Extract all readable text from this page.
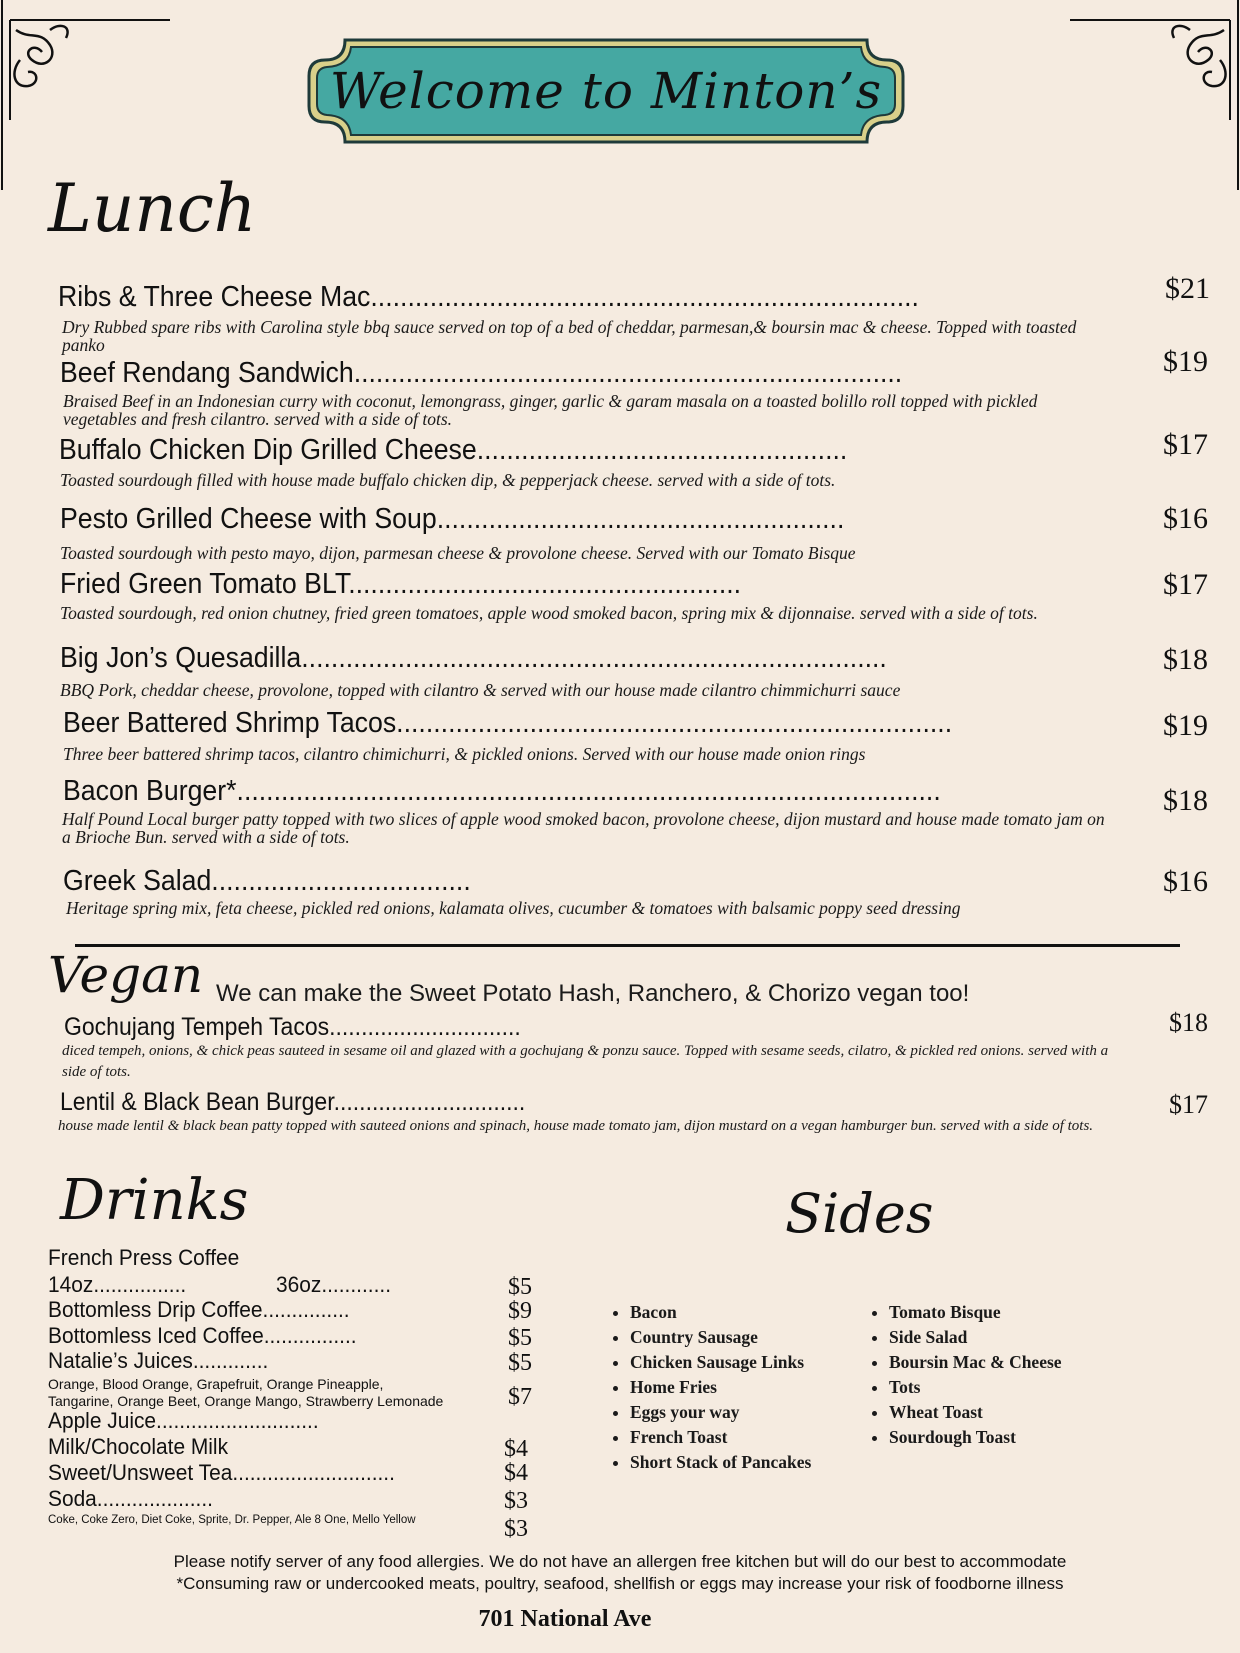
Welcome to Minton’s
Lunch
Ribs & Three Cheese Mac..........................................................................	$21
Dry Rubbed spare ribs with Carolina style bbq sauce served on top of a bed of cheddar, parmesan,& boursin mac & cheese. Topped with toasted panko
Beef Rendang Sandwich..........................................................................	$19
Braised Beef in an Indonesian curry with coconut, lemongrass, ginger, garlic & garam masala on a toasted bolillo roll topped with pickled vegetables and fresh cilantro. served with a side of tots.
Buffalo Chicken Dip Grilled Cheese..................................................	$17
Toasted sourdough filled with house made buffalo chicken dip, & pepperjack cheese. served with a side of tots.
Pesto Grilled Cheese with Soup.......................................................	$16
Toasted sourdough with pesto mayo, dijon, parmesan cheese & provolone cheese. Served with our Tomato Bisque
Fried Green Tomato BLT.....................................................	$17
Toasted sourdough, red onion chutney, fried green tomatoes, apple wood smoked bacon, spring mix & dijonnaise. served with a side of tots.
Big Jon’s Quesadilla...............................................................................	$18
BBQ Pork, cheddar cheese, provolone, topped with cilantro & served with our house made cilantro chimmichurri sauce
Beer Battered Shrimp Tacos...........................................................................	$19
Three beer battered shrimp tacos, cilantro chimichurri, & pickled onions. Served with our house made onion rings
Bacon Burger*...............................................................................................	$18
Half Pound Local burger patty topped with two slices of apple wood smoked bacon, provolone cheese, dijon mustard and house made tomato jam on a Brioche Bun. served with a side of tots.
Greek Salad...................................	$16
Heritage spring mix, feta cheese, pickled red onions, kalamata olives, cucumber & tomatoes with balsamic poppy seed dressing
Vegan We can make the Sweet Potato Hash, Ranchero, & Chorizo vegan too!
Gochujang Tempeh Tacos..............................	$18
diced tempeh, onions, & chick peas sauteed in sesame oil and glazed with a gochujang & ponzu sauce. Topped with sesame seeds, cilatro, & pickled red onions. served with a side of tots.
Lentil & Black Bean Burger..............................	$17
house made lentil & black bean patty topped with sauteed onions and spinach, house made tomato jam, dijon mustard on a vegan hamburger bun. served with a side of tots.
Drinks
French Press Coffee
14oz................	36oz............	$5
Bottomless Drip Coffee...............	$9
Bottomless Iced Coffee................	$5
Natalie’s Juices.............	$5
Orange, Blood Orange, Grapefruit, Orange Pineapple,
Tangarine, Orange Beet, Orange Mango, Strawberry Lemonade	$7
Apple Juice............................
Milk/Chocolate Milk	$4
Sweet/Unsweet Tea............................	$4
Soda....................	$3
Coke, Coke Zero, Diet Coke, Sprite, Dr. Pepper, Ale 8 One, Mello Yellow	$3
Sides
• Bacon
• Country Sausage
• Chicken Sausage Links
• Home Fries
• Eggs your way
• French Toast
• Short Stack of Pancakes
• Tomato Bisque
• Side Salad
• Boursin Mac & Cheese
• Tots
• Wheat Toast
• Sourdough Toast
Please notify server of any food allergies. We do not have an allergen free kitchen but will do our best to accommodate
*Consuming raw or undercooked meats, poultry, seafood, shellfish or eggs may increase your risk of foodborne illness
701 National Ave
